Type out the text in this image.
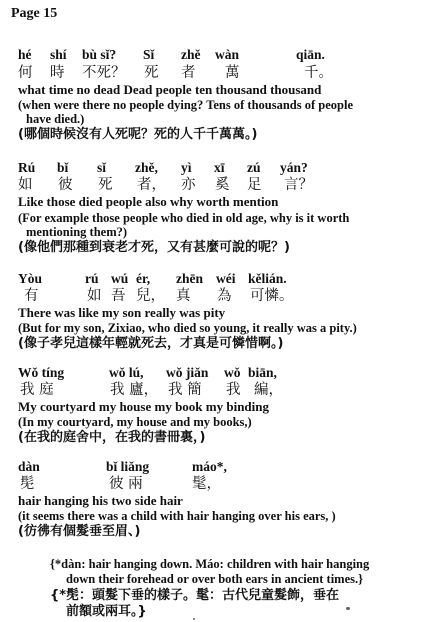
Page 15
hé shí bù sǐ? Sǐ zhě wàn	qiān.
何 時 不死？ 死 者 萬	千。
what time no dead Dead people ten thousand thousand
(when were there no people dying? Tens of thousands of people
have died.)
(哪個時候沒有人死呢？死的人千千萬萬。)
Rú bǐ sǐ zhě, yì xī zú yán?
如 彼 死 者， 亦 奚 足 言？
Like those died people also why worth mention
(For example those people who died in old age, why is it worth
mentioning them?)
(像他們那種到衰老才死，又有甚麼可說的呢？)
Yòu	rú wú ér, zhēn wéi kělián.
有	如 吾 兒， 真 為 可憐。
There was like my son really was pity
(But for my son, Zixiao, who died so young, it really was a pity.)
(像子孝兒這樣年輕就死去，才真是可憐惜啊。)
Wǒ tíng	wǒ lú, wǒ jiǎn wǒ biān,
我 庭	我 廬， 我 簡 我 編，
My courtyard my house my book my binding
(In my courtyard, my house and my books,)
(在我的庭舍中，在我的書冊裏，)
dàn	bǐ liǎng	máo*,
髧	彼 兩	髦，
hair hanging his two side hair
(it seems there was a child with hair hanging over his ears, )
(彷彿有個髮垂至眉、)
{*dàn: hair hanging down. Máo: children with hair hanging
down their forehead or over both ears in ancient times.}
{*髧：頭髮下垂的樣子。髦：古代兒童髮飾，垂在
前額或兩耳。}
